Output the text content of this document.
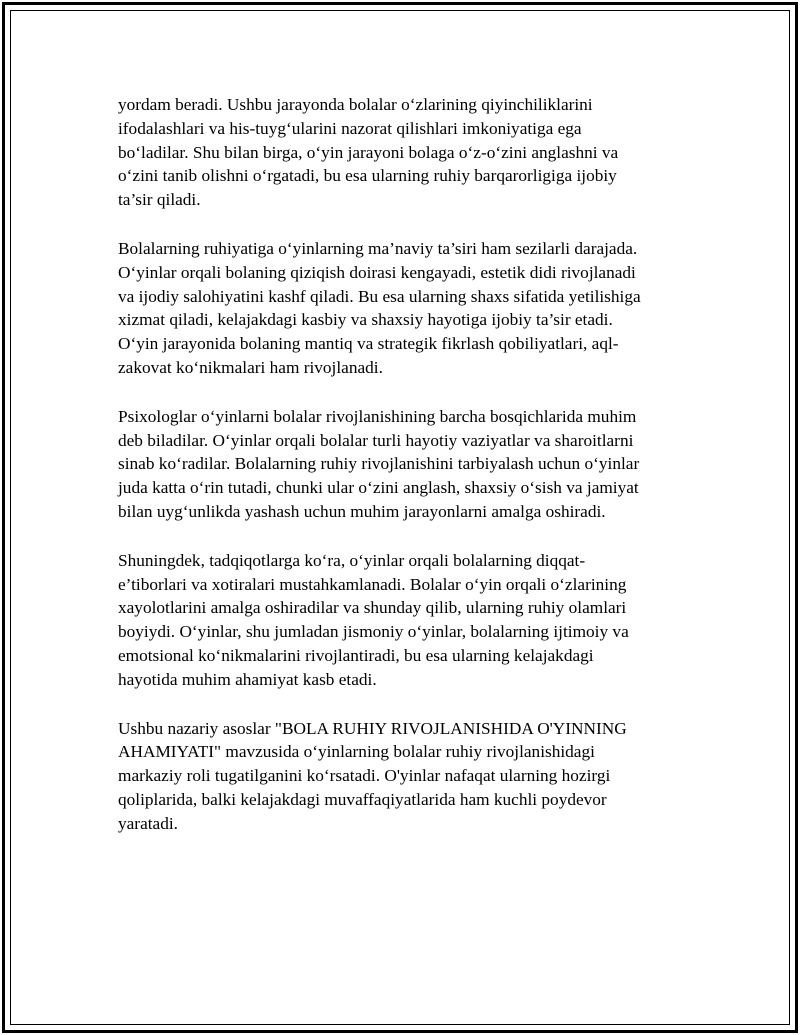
yordam beradi. Ushbu jarayonda bolalar o‘zlarining qiyinchiliklarini
ifodalashlari va his-tuyg‘ularini nazorat qilishlari imkoniyatiga ega
bo‘ladilar. Shu bilan birga, o‘yin jarayoni bolaga o‘z-o‘zini anglashni va
o‘zini tanib olishni o‘rgatadi, bu esa ularning ruhiy barqarorligiga ijobiy
ta’sir qiladi.

Bolalarning ruhiyatiga o‘yinlarning ma’naviy ta’siri ham sezilarli darajada.
O‘yinlar orqali bolaning qiziqish doirasi kengayadi, estetik didi rivojlanadi
va ijodiy salohiyatini kashf qiladi. Bu esa ularning shaxs sifatida yetilishiga
xizmat qiladi, kelajakdagi kasbiy va shaxsiy hayotiga ijobiy ta’sir etadi.
O‘yin jarayonida bolaning mantiq va strategik fikrlash qobiliyatlari, aql-
zakovat ko‘nikmalari ham rivojlanadi.

Psixologlar o‘yinlarni bolalar rivojlanishining barcha bosqichlarida muhim
deb biladilar. O‘yinlar orqali bolalar turli hayotiy vaziyatlar va sharoitlarni
sinab ko‘radilar. Bolalarning ruhiy rivojlanishini tarbiyalash uchun o‘yinlar
juda katta o‘rin tutadi, chunki ular o‘zini anglash, shaxsiy o‘sish va jamiyat
bilan uyg‘unlikda yashash uchun muhim jarayonlarni amalga oshiradi.

Shuningdek, tadqiqotlarga ko‘ra, o‘yinlar orqali bolalarning diqqat-
e’tiborlari va xotiralari mustahkamlanadi. Bolalar o‘yin orqali o‘zlarining
xayolotlarini amalga oshiradilar va shunday qilib, ularning ruhiy olamlari
boyiydi. O‘yinlar, shu jumladan jismoniy o‘yinlar, bolalarning ijtimoiy va
emotsional ko‘nikmalarini rivojlantiradi, bu esa ularning kelajakdagi
hayotida muhim ahamiyat kasb etadi.

Ushbu nazariy asoslar "BOLA RUHIY RIVOJLANISHIDA O'YINNING
AHAMIYATI" mavzusida o‘yinlarning bolalar ruhiy rivojlanishidagi
markaziy roli tugatilganini ko‘rsatadi. O'yinlar nafaqat ularning hozirgi
qoliplarida, balki kelajakdagi muvaffaqiyatlarida ham kuchli poydevor
yaratadi.
